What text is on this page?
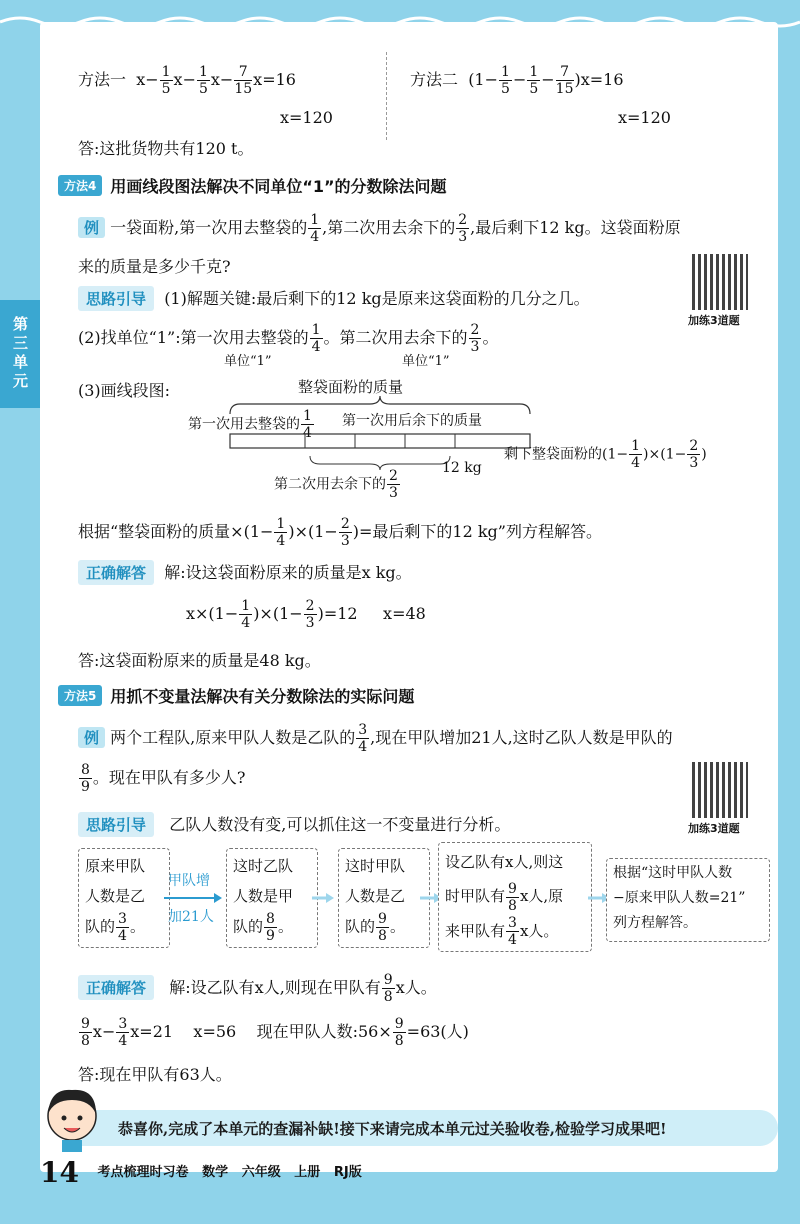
第三单元
方法一 $x- \frac{1}{5} x- \frac{1}{5} x- \frac{7}{15} x=16$
x=120
方法二 $(1- \frac{1}{5} - \frac{1}{5} - \frac{7}{15} )x=16$
x=120
答:这批货物共有120 t。
方法4 用画线段图法解决不同单位“1”的分数除法问题
例 一袋面粉,第一次用去整袋的 $\frac{1}{4}$ ,第二次用去余下的 $\frac{2}{3}$ ,最后剩下12 kg。这袋面粉原
来的质量是多少千克?
加练3道题
思路引导 (1)解题关键:最后剩下的12 kg是原来这袋面粉的几分之几。
(2)找单位“1”:第一次用去整袋的 $\frac{1}{4}$ 。第二次用去余下的 $\frac{2}{3}$ 。
单位“1”	单位“1”
(3)画线段图:	整袋面粉的质量
第一次用去整袋的 $\frac{1}{4}$ 第一次用后余下的质量
剩下整袋面粉的$(1- \frac{1}{4} )\times(1- \frac{2}{3}$ )
第二次用去余下的 $\frac{2}{3}$	12 kg
根据“整袋面粉的质量$\times(1- \frac{1}{4} )\times(1- \frac{2}{3}$ )=最后剩下的12 kg”列方程解答。
正确解答 解:设这袋面粉原来的质量是x kg。
$x\times(1- \frac{1}{4} )\times(1- \frac{2}{3} )=12$ x=48
答:这袋面粉原来的质量是48 kg。
方法5 用抓不变量法解决有关分数除法的实际问题
例 两个工程队,原来甲队人数是乙队的 $\frac{3}{4}$ ,现在甲队增加21人,这时乙队人数是甲队的
$\frac{8}{9}$ 。现在甲队有多少人?
加练3道题
思路引导 乙队人数没有变,可以抓住这一不变量进行分析。
原来甲队
人数是乙
队的 $\frac{3}{4}$ 。
甲队增
加21人
这时乙队
人数是甲
队的 $\frac{8}{9}$ 。
这时甲队
人数是乙
队的 $\frac{9}{8}$ 。
设乙队有x人,则这
时甲队有 $\frac{9}{8}$ x人,原
来甲队有 $\frac{3}{4}$ x人。
根据“这时甲队人数
−原来甲队人数=21”
列方程解答。
正确解答 解:设乙队有x人,则现在甲队有 $\frac{9}{8}$ x人。
$\frac{9}{8} x- \frac{3}{4} x=21$ x=56 现在甲队人数:56× $\frac{9}{8} =63$(人)
答:现在甲队有63人。
恭喜你,完成了本单元的查漏补缺!接下来请完成本单元过关验收卷,检验学习成果吧!
14 考点梳理时习卷 数学 六年级 上册 RJ版
